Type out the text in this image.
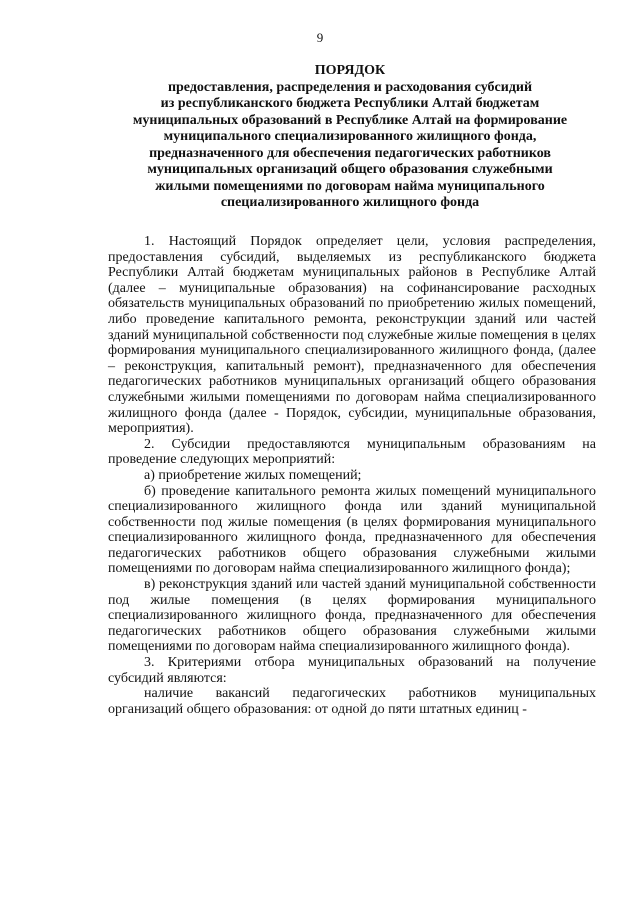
9
ПОРЯДОК
предоставления, распределения и расходования субсидий
из республиканского бюджета Республики Алтай бюджетам
муниципальных образований в Республике Алтай на формирование
муниципального специализированного жилищного фонда,
предназначенного для обеспечения педагогических работников
муниципальных организаций общего образования служебными
жилыми помещениями по договорам найма муниципального
специализированного жилищного фонда

1. Настоящий Порядок определяет цели, условия распределения, предоставления субсидий, выделяемых из республиканского бюджета Республики Алтай бюджетам муниципальных районов в Республике Алтай (далее – муниципальные образования) на софинансирование расходных обязательств муниципальных образований по приобретению жилых помещений, либо проведение капитального ремонта, реконструкции зданий или частей зданий муниципальной собственности под служебные жилые помещения в целях формирования муниципального специализированного жилищного фонда, (далее – реконструкция, капитальный ремонт), предназначенного для обеспечения педагогических работников муниципальных организаций общего образования служебными жилыми помещениями по договорам найма специализированного жилищного фонда (далее - Порядок, субсидии, муниципальные образования, мероприятия).

2. Субсидии предоставляются муниципальным образованиям на проведение следующих мероприятий:

а) приобретение жилых помещений;

б) проведение капитального ремонта жилых помещений муниципального специализированного жилищного фонда или зданий муниципальной собственности под жилые помещения (в целях формирования муниципального специализированного жилищного фонда, предназначенного для обеспечения педагогических работников общего образования служебными жилыми помещениями по договорам найма специализированного жилищного фонда);

в) реконструкция зданий или частей зданий муниципальной собственности под жилые помещения (в целях формирования муниципального специализированного жилищного фонда, предназначенного для обеспечения педагогических работников общего образования служебными жилыми помещениями по договорам найма специализированного жилищного фонда).

3. Критериями отбора муниципальных образований на получение субсидий являются:

наличие вакансий педагогических работников муниципальных организаций общего образования: от одной до пяти штатных единиц -
